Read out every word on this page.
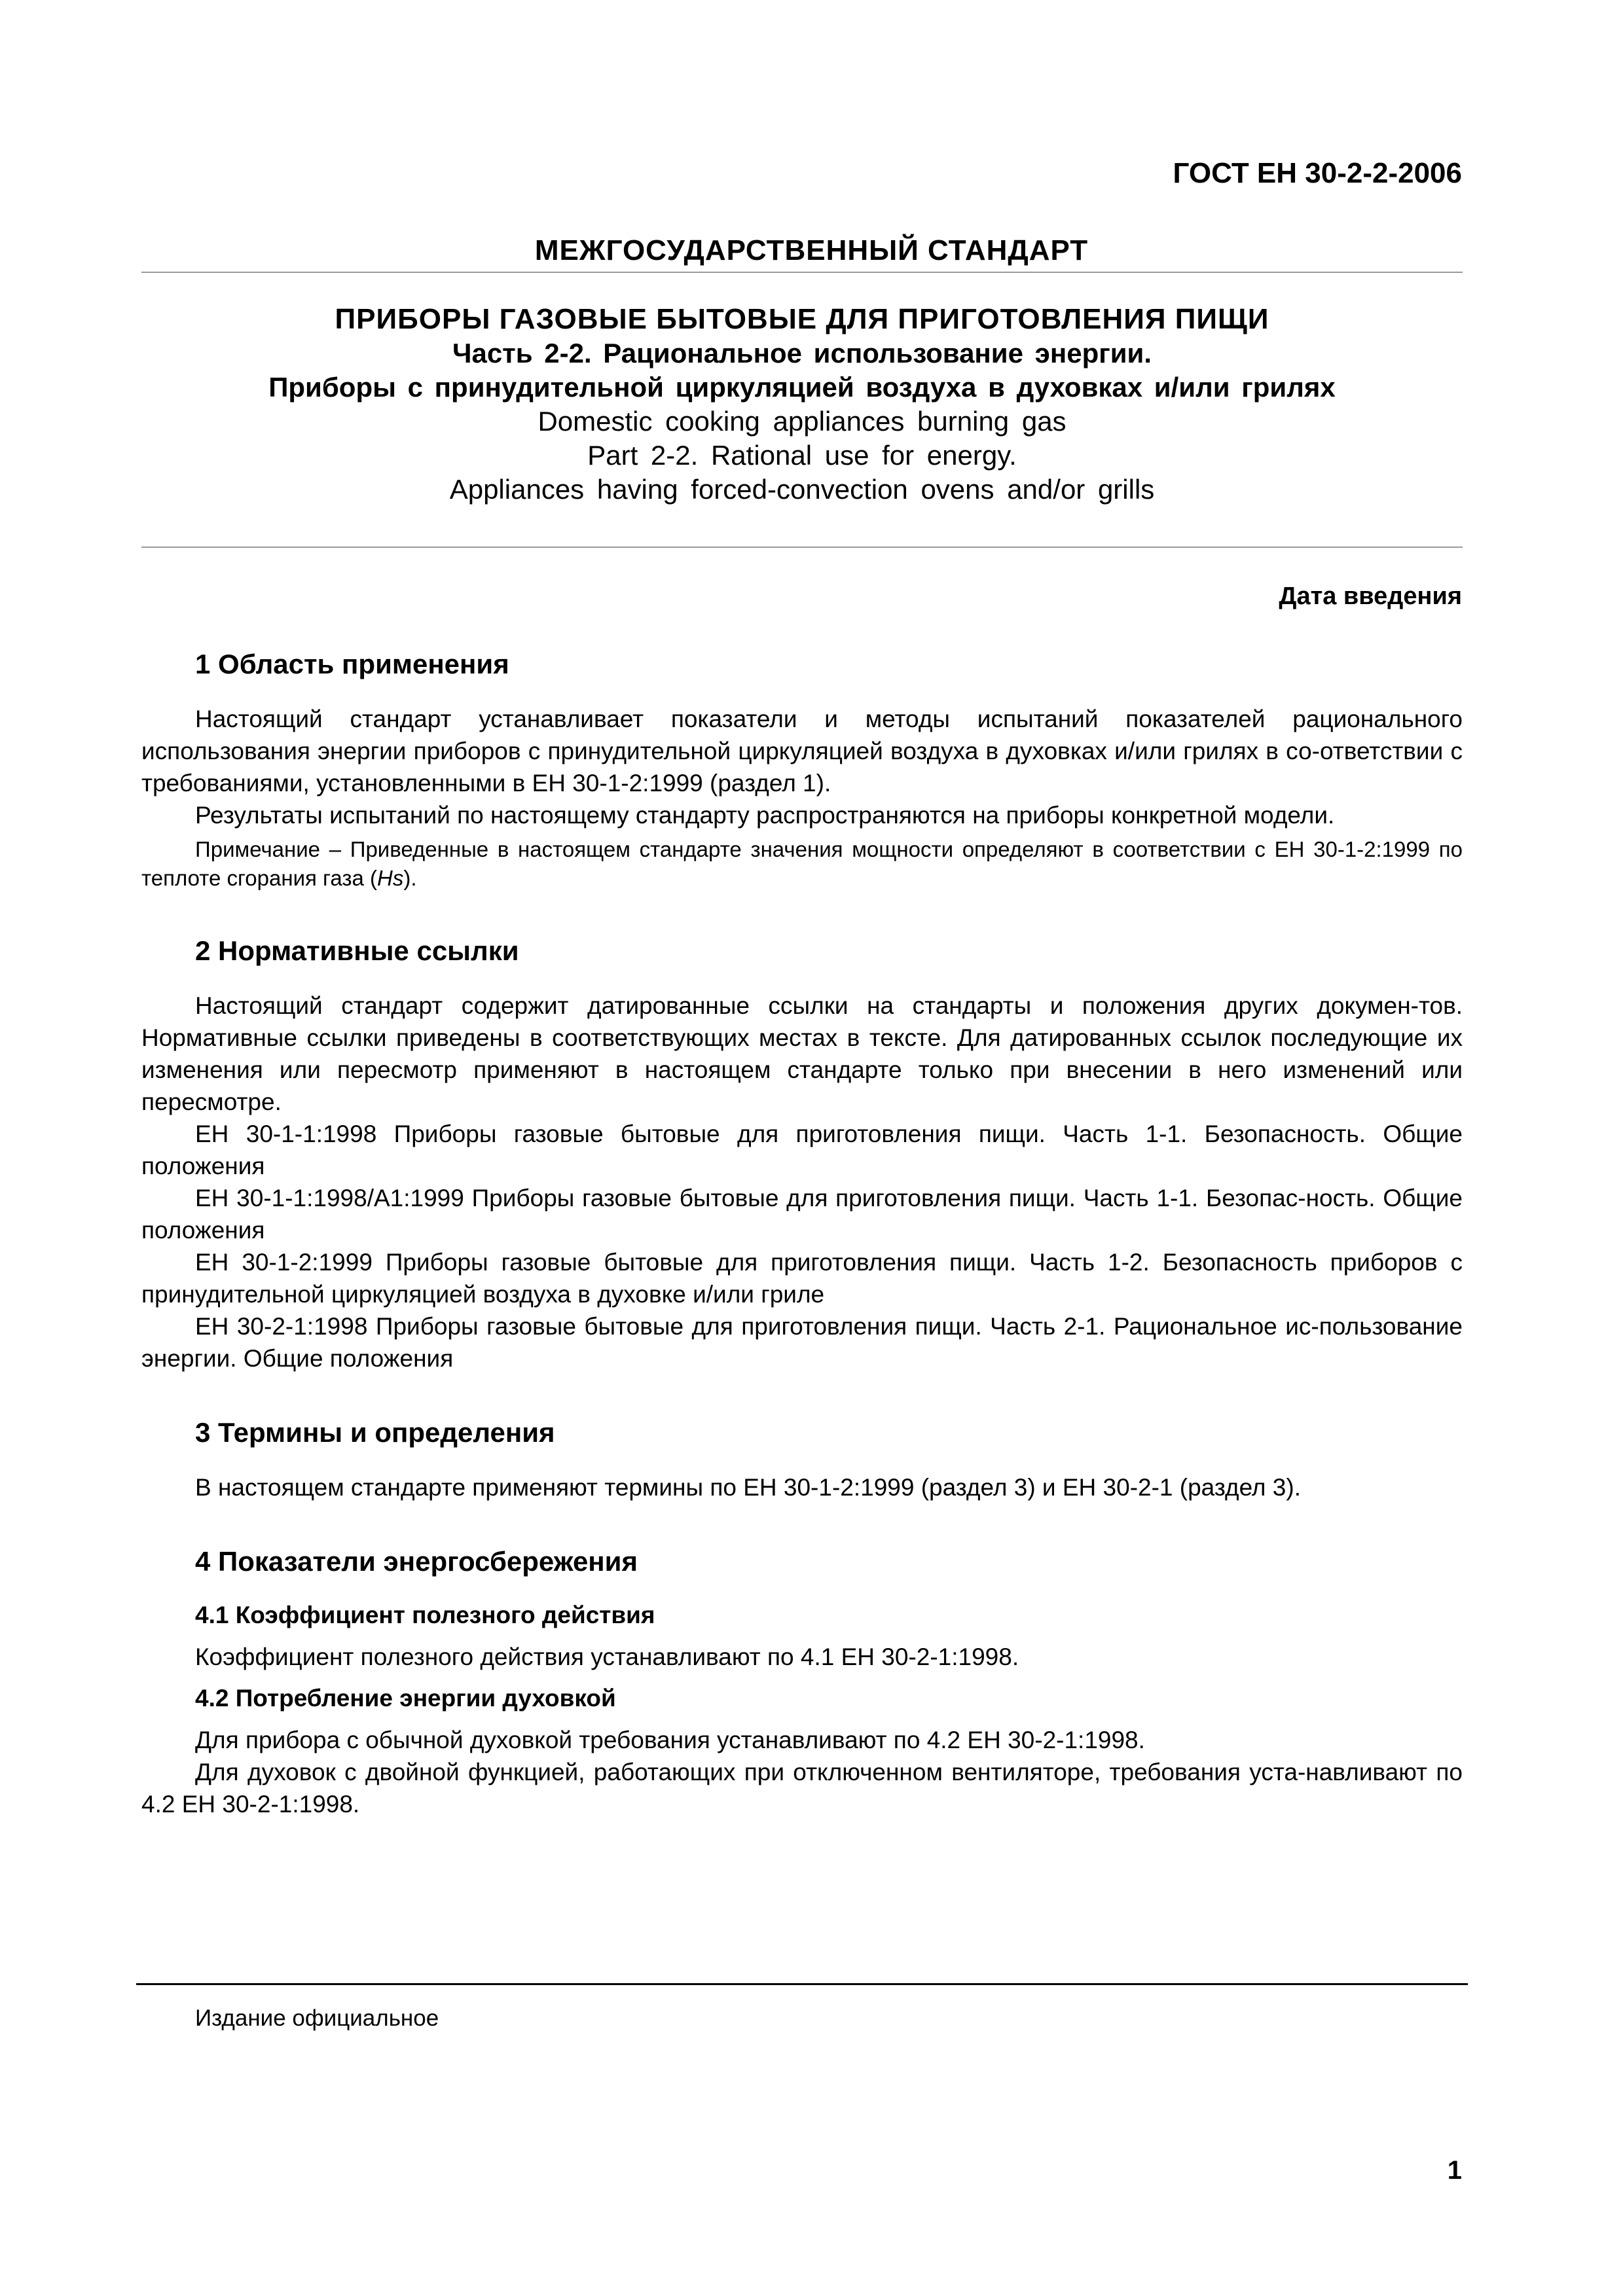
ГОСТ ЕН 30-2-2-2006
МЕЖГОСУДАРСТВЕННЫЙ СТАНДАРТ
ПРИБОРЫ ГАЗОВЫЕ БЫТОВЫЕ ДЛЯ ПРИГОТОВЛЕНИЯ ПИЩИ
Часть 2-2. Рациональное использование энергии.
Приборы с принудительной циркуляцией воздуха в духовках и/или грилях
Domestic cooking appliances burning gas
Part 2-2. Rational use for energy.
Appliances having forced-convection ovens and/or grills
Дата введения
1 Область применения

Настоящий стандарт устанавливает показатели и методы испытаний показателей рационального использования энергии приборов с принудительной циркуляцией воздуха в духовках и/или грилях в со-ответствии с требованиями, установленными в ЕН 30-1-2:1999 (раздел 1).

Результаты испытаний по настоящему стандарту распространяются на приборы конкретной модели.

Примечание – Приведенные в настоящем стандарте значения мощности определяют в соответствии с ЕН 30-1-2:1999 по теплоте сгорания газа (Hs).

2 Нормативные ссылки

Настоящий стандарт содержит датированные ссылки на стандарты и положения других докумен-тов. Нормативные ссылки приведены в соответствующих местах в тексте. Для датированных ссылок последующие их изменения или пересмотр применяют в настоящем стандарте только при внесении в него изменений или пересмотре.

ЕН 30-1-1:1998 Приборы газовые бытовые для приготовления пищи. Часть 1-1. Безопасность. Общие положения

ЕН 30-1-1:1998/A1:1999 Приборы газовые бытовые для приготовления пищи. Часть 1-1. Безопас-ность. Общие положения

ЕН 30-1-2:1999 Приборы газовые бытовые для приготовления пищи. Часть 1-2. Безопасность приборов с принудительной циркуляцией воздуха в духовке и/или гриле

ЕН 30-2-1:1998 Приборы газовые бытовые для приготовления пищи. Часть 2-1. Рациональное ис-пользование энергии. Общие положения

3 Термины и определения

В настоящем стандарте применяют термины по ЕН 30-1-2:1999 (раздел 3) и ЕН 30-2-1 (раздел 3).

4 Показатели энергосбережения
4.1 Коэффициент полезного действия

Коэффициент полезного действия устанавливают по 4.1 ЕН 30-2-1:1998.

4.2 Потребление энергии духовкой

Для прибора с обычной духовкой требования устанавливают по 4.2 ЕН 30-2-1:1998.

Для духовок с двойной функцией, работающих при отключенном вентиляторе, требования уста-навливают по 4.2 ЕН 30-2-1:1998.

Издание официальное
1
